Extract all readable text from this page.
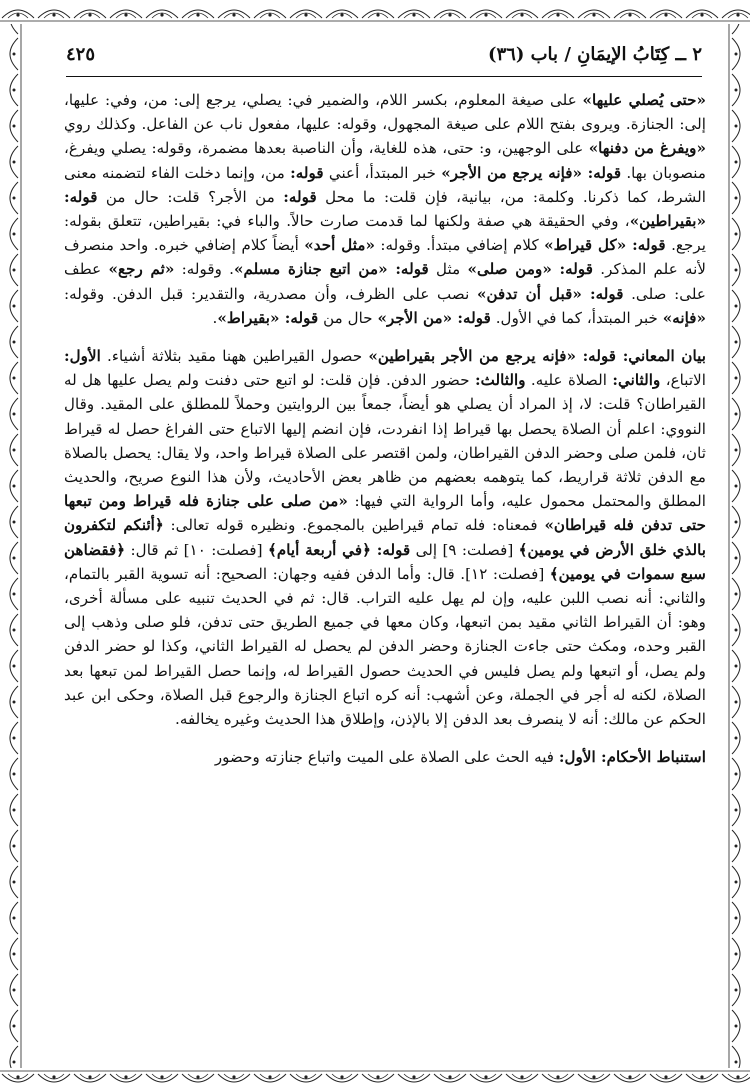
٢ ــ كِتَابُ الإيمَانِ / باب (٣٦)
٤٢٥

«حتى يُصلي عليها» على صيغة المعلوم، بكسر اللام، والضمير في: يصلي، يرجع إلى: من، وفي: عليها، إلى: الجنازة. ويروى بفتح اللام على صيغة المجهول، وقوله: عليها، مفعول ناب عن الفاعل. وكذلك روي «ويفرغ من دفنها» على الوجهين، و: حتى، هذه للغاية، وأن الناصبة بعدها مضمرة، وقوله: يصلي ويفرغ، منصوبان بها. قوله: «فإنه يرجع من الأجر» خبر المبتدأ، أعني قوله: من، وإنما دخلت الفاء لتضمنه معنى الشرط، كما ذكرنا. وكلمة: من، بيانية، فإن قلت: ما محل قوله: من الأجر؟ قلت: حال من قوله: «بقيراطين»، وفي الحقيقة هي صفة ولكنها لما قدمت صارت حالاً. والباء في: بقيراطين، تتعلق بقوله: يرجع. قوله: «كل قيراط» كلام إضافي مبتدأ. وقوله: «مثل أحد» أيضاً كلام إضافي خبره. واحد منصرف لأنه علم المذكر. قوله: «ومن صلى» مثل قوله: «من اتبع جنازة مسلم». وقوله: «ثم رجع» عطف على: صلى. قوله: «قبل أن تدفن» نصب على الظرف، وأن مصدرية، والتقدير: قبل الدفن. وقوله: «فإنه» خبر المبتدأ، كما في الأول. قوله: «من الأجر» حال من قوله: «بقيراط».

بيان المعاني: قوله: «فإنه يرجع من الأجر بقيراطين» حصول القيراطين ههنا مقيد بثلاثة أشياء. الأول: الاتباع، والثاني: الصلاة عليه. والثالث: حضور الدفن. فإن قلت: لو اتبع حتى دفنت ولم يصل عليها هل له القيراطان؟ قلت: لا، إذ المراد أن يصلي هو أيضاً، جمعاً بين الروايتين وحملاً للمطلق على المقيد. وقال النووي: اعلم أن الصلاة يحصل بها قيراط إذا انفردت، فإن انضم إليها الاتباع حتى الفراغ حصل له قيراط ثان، فلمن صلى وحضر الدفن القيراطان، ولمن اقتصر على الصلاة قيراط واحد، ولا يقال: يحصل بالصلاة مع الدفن ثلاثة قراريط، كما يتوهمه بعضهم من ظاهر بعض الأحاديث، ولأن هذا النوع صريح، والحديث المطلق والمحتمل محمول عليه، وأما الرواية التي فيها: «من صلى على جنازة فله قيراط ومن تبعها حتى تدفن فله قيراطان» فمعناه: فله تمام قيراطين بالمجموع. ونظيره قوله تعالى: ﴿أئنكم لتكفرون بالذي خلق الأرض في يومين﴾ [فصلت: ٩] إلى قوله: ﴿في أربعة أيام﴾ [فصلت: ١٠] ثم قال: ﴿فقضاهن سبع سموات في يومين﴾ [فصلت: ١٢]. قال: وأما الدفن ففيه وجهان: الصحيح: أنه تسوية القبر بالتمام، والثاني: أنه نصب اللبن عليه، وإن لم يهل عليه التراب. قال: ثم في الحديث تنبيه على مسألة أخرى، وهو: أن القيراط الثاني مقيد بمن اتبعها، وكان معها في جميع الطريق حتى تدفن، فلو صلى وذهب إلى القبر وحده، ومكث حتى جاءت الجنازة وحضر الدفن لم يحصل له القيراط الثاني، وكذا لو حضر الدفن ولم يصل، أو اتبعها ولم يصل فليس في الحديث حصول القيراط له، وإنما حصل القيراط لمن تبعها بعد الصلاة، لكنه له أجر في الجملة، وعن أشهب: أنه كره اتباع الجنازة والرجوع قبل الصلاة، وحكى ابن عبد الحكم عن مالك: أنه لا ينصرف بعد الدفن إلا بالإذن، وإطلاق هذا الحديث وغيره يخالفه.

استنباط الأحكام: الأول: فيه الحث على الصلاة على الميت واتباع جنازته وحضور
